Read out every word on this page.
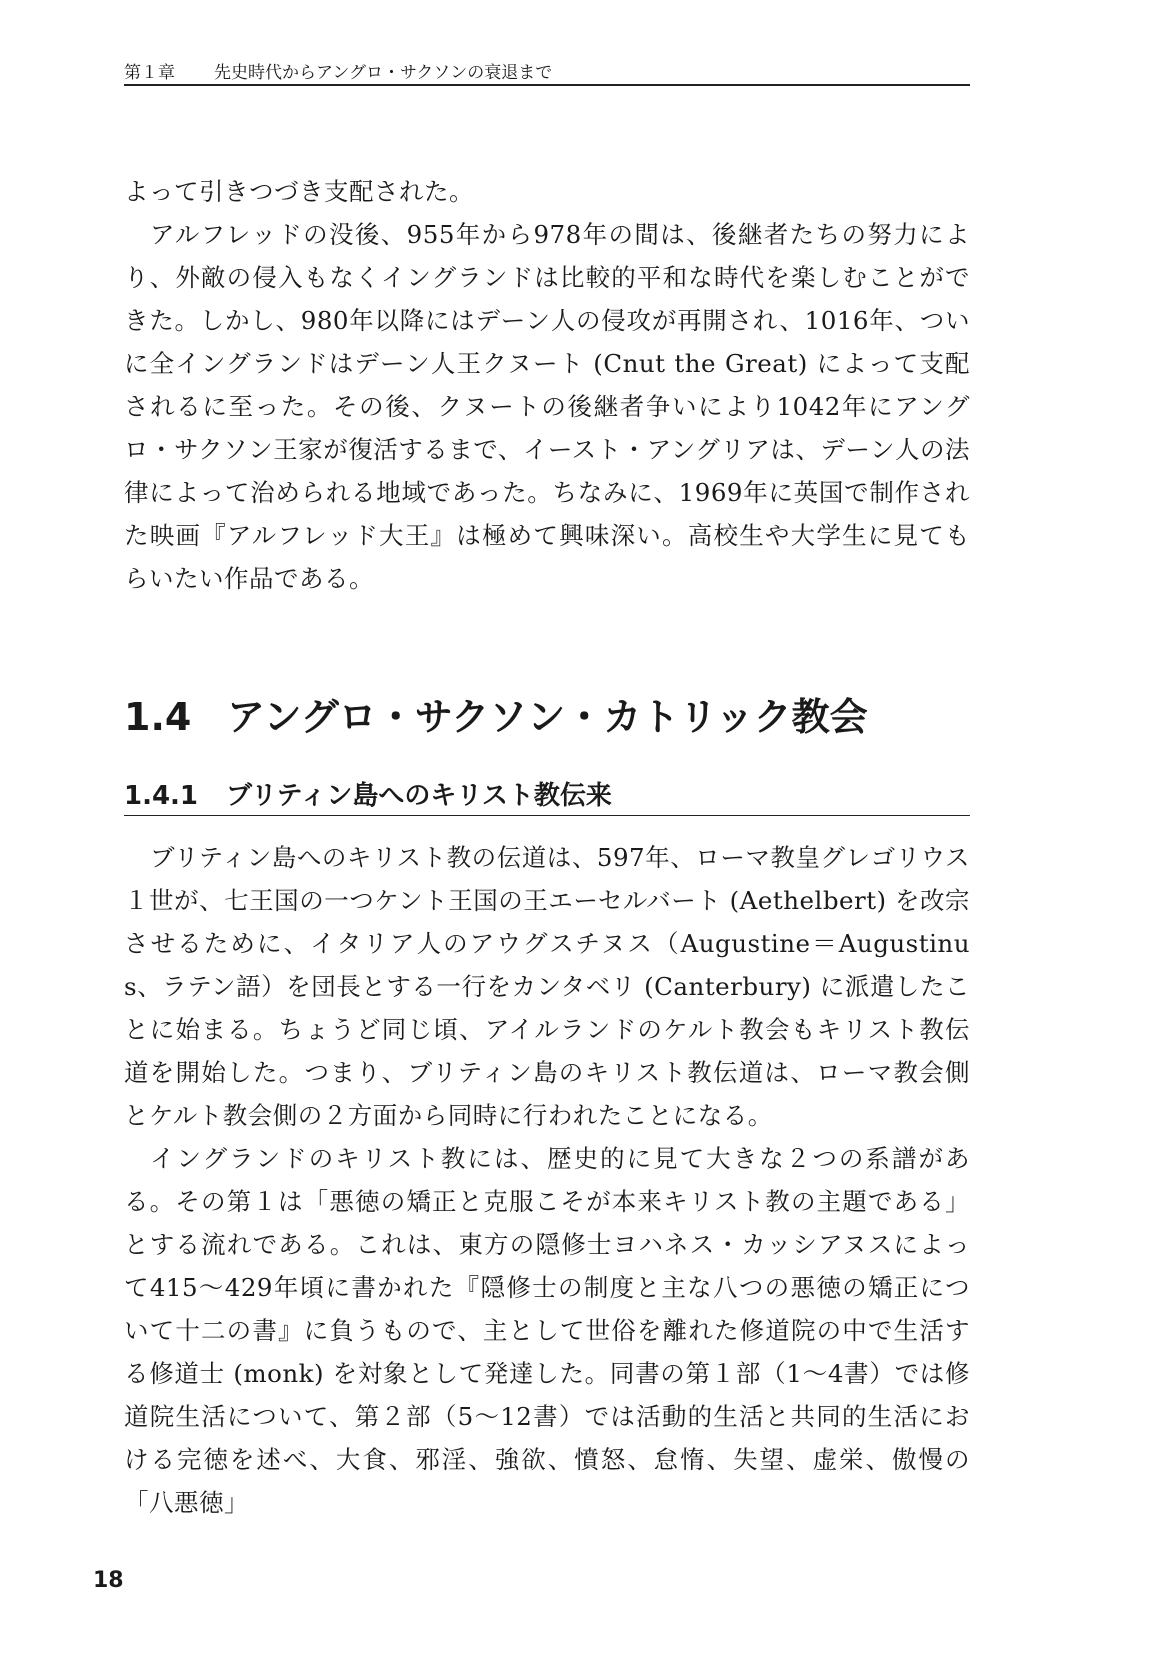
第１章 先史時代からアングロ・サクソンの衰退まで

よって引きつづき支配された。

アルフレッドの没後、955年から978年の間は、後継者たちの努力により、外敵の侵入もなくイングランドは比較的平和な時代を楽しむことができた。しかし、980年以降にはデーン人の侵攻が再開され、1016年、ついに全イングランドはデーン人王クヌート (Cnut the Great) によって支配されるに至った。その後、クヌートの後継者争いにより1042年にアングロ・サクソン王家が復活するまで、イースト・アングリアは、デーン人の法律によって治められる地域であった。ちなみに、1969年に英国で制作された映画『アルフレッド大王』は極めて興味深い。高校生や大学生に見てもらいたい作品である。

1.4 アングロ・サクソン・カトリック教会
1.4.1 ブリティン島へのキリスト教伝来

ブリティン島へのキリスト教の伝道は、597年、ローマ教皇グレゴリウス１世が、七王国の一つケント王国の王エーセルバート (Aethelbert) を改宗させるために、イタリア人のアウグスチヌス（Augustine＝Augustinus、ラテン語）を団長とする一行をカンタベリ (Canterbury) に派遣したことに始まる。ちょうど同じ頃、アイルランドのケルト教会もキリスト教伝道を開始した。つまり、ブリティン島のキリスト教伝道は、ローマ教会側とケルト教会側の２方面から同時に行われたことになる。

イングランドのキリスト教には、歴史的に見て大きな２つの系譜がある。その第１は「悪徳の矯正と克服こそが本来キリスト教の主題である」とする流れである。これは、東方の隠修士ヨハネス・カッシアヌスによって415～429年頃に書かれた『隠修士の制度と主な八つの悪徳の矯正について十二の書』に負うもので、主として世俗を離れた修道院の中で生活する修道士 (monk) を対象として発達した。同書の第１部（1～4書）では修道院生活について、第２部（5～12書）では活動的生活と共同的生活における完徳を述べ、大食、邪淫、強欲、憤怒、怠惰、失望、虚栄、傲慢の「八悪徳」

18
